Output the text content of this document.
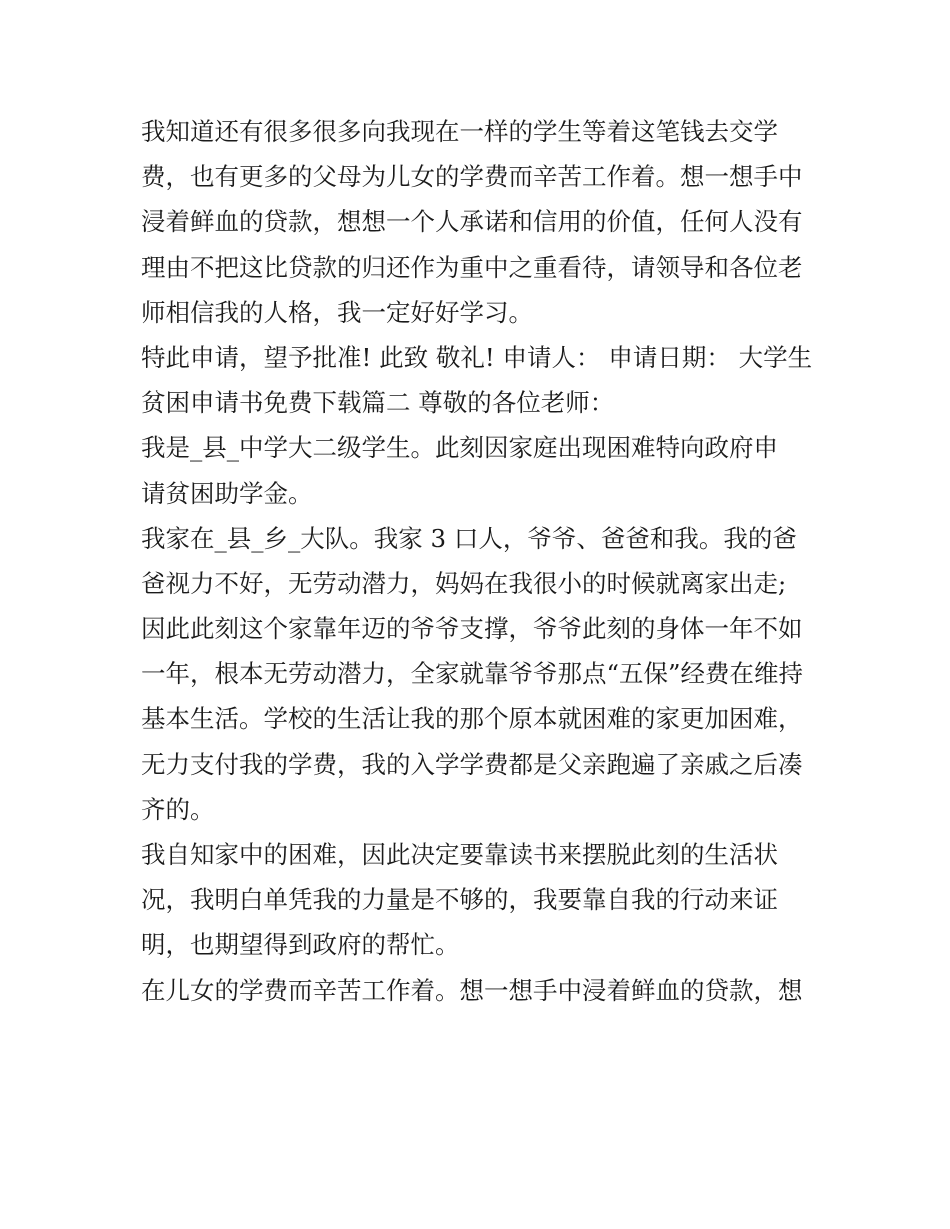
我知道还有很多很多向我现在一样的学生等着这笔钱去交学
费，也有更多的父母为儿女的学费而辛苦工作着。想一想手中
浸着鲜血的贷款，想想一个人承诺和信用的价值，任何人没有
理由不把这比贷款的归还作为重中之重看待，请领导和各位老
师相信我的人格，我一定好好学习。
特此申请，望予批准! 此致 敬礼! 申请人： 申请日期： 大学生
贫困申请书免费下载篇二 尊敬的各位老师：
我是_县_中学大二级学生。此刻因家庭出现困难特向政府申
请贫困助学金。
我家在_县_乡_大队。我家 3 口人，爷爷、爸爸和我。我的爸
爸视力不好，无劳动潜力，妈妈在我很小的时候就离家出走;
因此此刻这个家靠年迈的爷爷支撑，爷爷此刻的身体一年不如
一年，根本无劳动潜力，全家就靠爷爷那点“五保”经费在维持
基本生活。学校的生活让我的那个原本就困难的家更加困难，
无力支付我的学费，我的入学学费都是父亲跑遍了亲戚之后凑
齐的。
我自知家中的困难，因此决定要靠读书来摆脱此刻的生活状
况，我明白单凭我的力量是不够的，我要靠自我的行动来证
明，也期望得到政府的帮忙。
在儿女的学费而辛苦工作着。想一想手中浸着鲜血的贷款，想
